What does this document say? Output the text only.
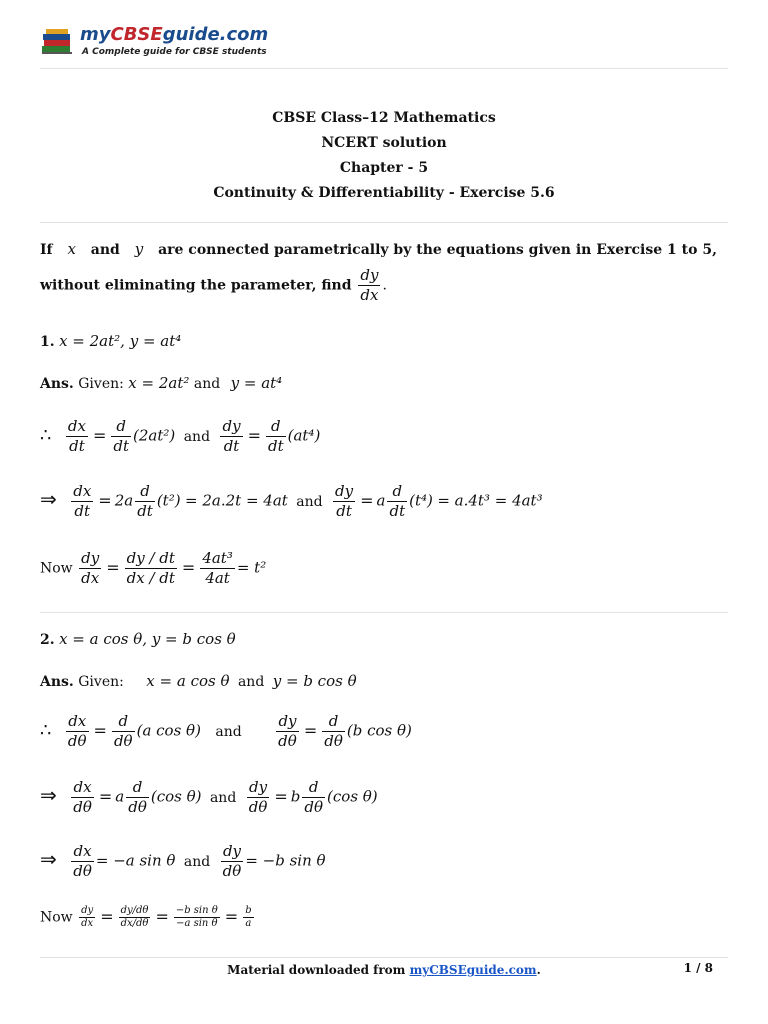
myCBSEguide.com
A Complete guide for CBSE students
CBSE Class–12 Mathematics
NCERT solution
Chapter - 5
Continuity & Differentiability - Exercise 5.6
If x and y are connected parametrically by the equations given in Exercise 1 to 5,
without eliminating the parameter, find $\frac{dy}{dx}$ .
1. x = 2at², y = at⁴
Ans. Given: x = 2at² and y = at⁴
∴ $\frac{dx}{dt} = \frac{d}{dt} (2at^2)$ and $\frac{dy}{dt} = \frac{d}{dt} (at^4)$
⇒ $\frac{dx}{dt} = 2a \frac{d}{dt} (t^2) = 2a.2t = 4at$ and $\frac{dy}{dt} = a \frac{d}{dt} (t^4) = a.4t^3 = 4at^3$
Now $\frac{dy}{dx} = \frac{dy / dt}{dx / dt} = \frac{\text{4at³}}{4at} = t^2$
2. x = a cos θ, y = b cos θ
Ans. Given: x = a cos θ and y = b cos θ
∴ $\frac{dx}{d\theta} = \frac{d}{d\theta} (a$ cos θ) and $\frac{dy}{d\theta} = \frac{d}{d\theta} (b$ cos θ)
⇒ $\frac{dx}{d\theta} = a \frac{d}{d\theta} (\cos$ θ) and $\frac{dy}{d\theta} = b \frac{d}{d\theta} (\cos$ θ)
⇒ $\frac{dx}{d\theta} = -a$ sin θ and $\frac{dy}{d\theta} = -b$ sin θ
Now $\frac{dy}{dx} = \frac{dy/d\theta}{dx/d\theta} = \frac{\text{−b sin θ}}{\text{−a sin θ}} = \frac{b}{a}$
Material downloaded from myCBSEguide.com.	1 / 8
